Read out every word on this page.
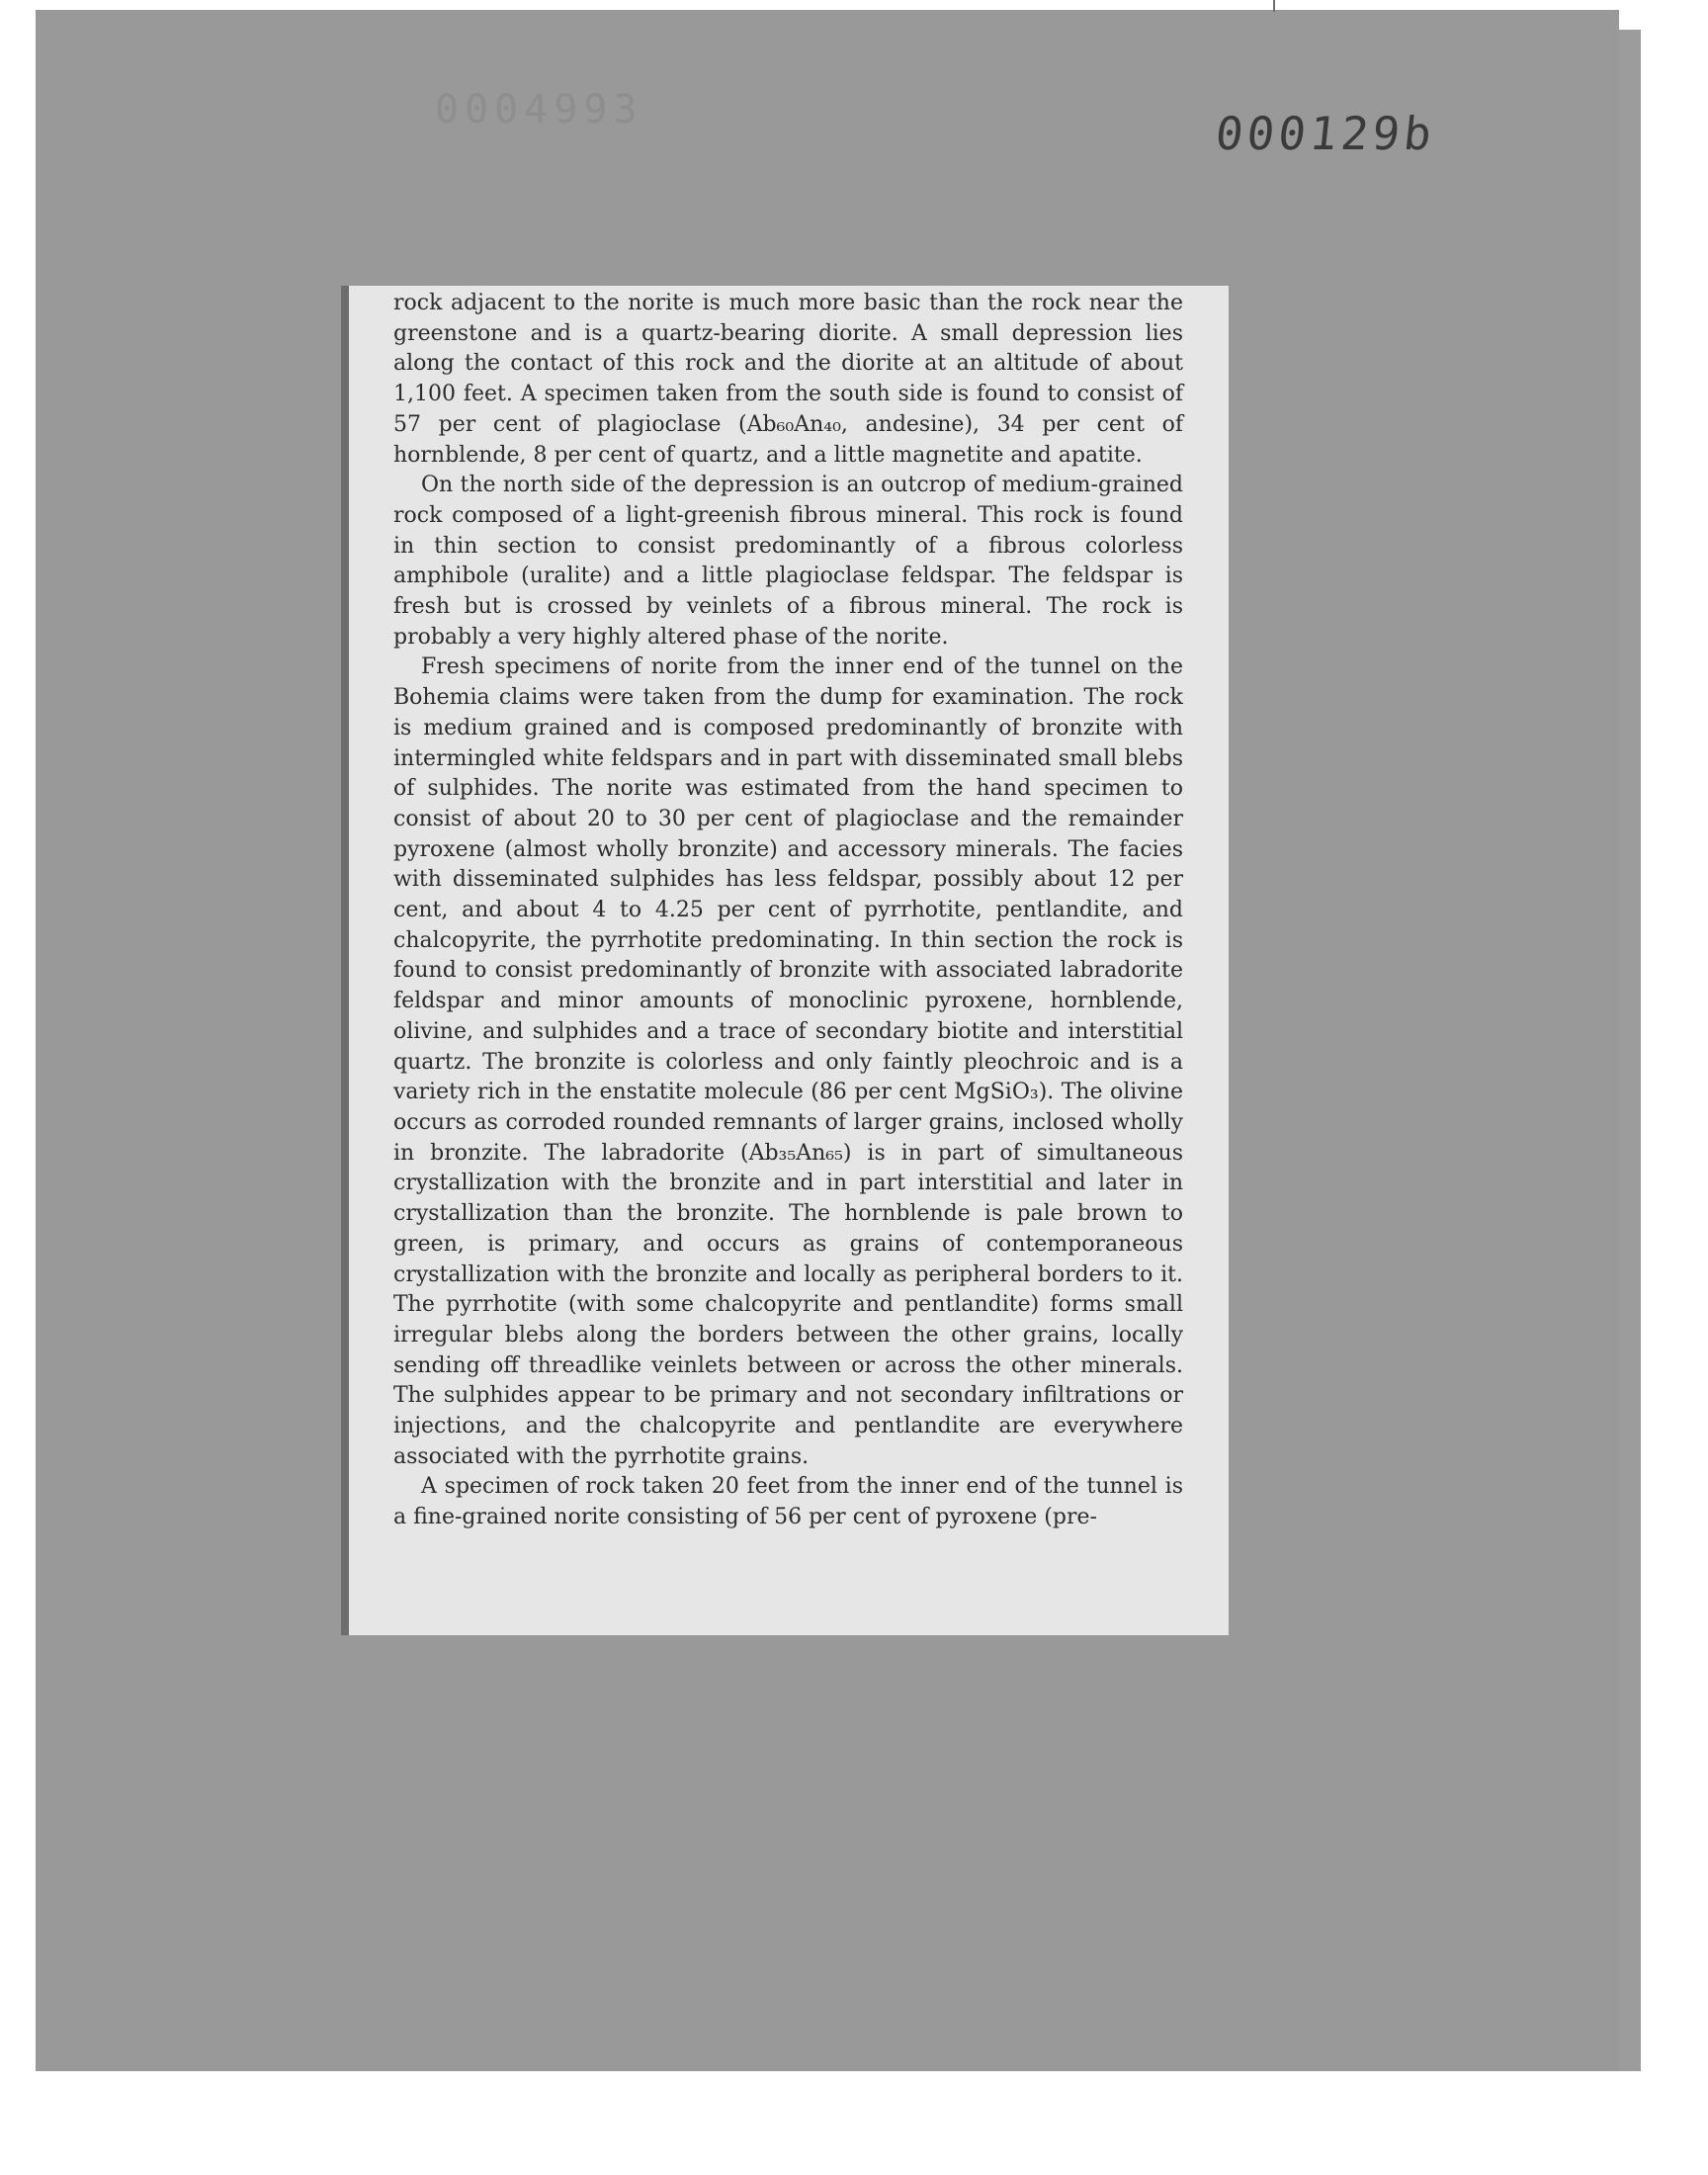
0004993	000129b

rock adjacent to the norite is much more basic than the rock near the greenstone and is a quartz-bearing diorite. A small depression lies along the contact of this rock and the diorite at an altitude of about 1,100 feet. A specimen taken from the south side is found to consist of 57 per cent of plagioclase (Ab₆₀An₄₀, andesine), 34 per cent of hornblende, 8 per cent of quartz, and a little magnetite and apatite.

On the north side of the depression is an outcrop of medium-grained rock composed of a light-greenish fibrous mineral. This rock is found in thin section to consist predominantly of a fibrous colorless amphibole (uralite) and a little plagioclase feldspar. The feldspar is fresh but is crossed by veinlets of a fibrous mineral. The rock is probably a very highly altered phase of the norite.

Fresh specimens of norite from the inner end of the tunnel on the Bohemia claims were taken from the dump for examination. The rock is medium grained and is composed predominantly of bronzite with intermingled white feldspars and in part with disseminated small blebs of sulphides. The norite was estimated from the hand specimen to consist of about 20 to 30 per cent of plagioclase and the remainder pyroxene (almost wholly bronzite) and accessory minerals. The facies with disseminated sulphides has less feldspar, possibly about 12 per cent, and about 4 to 4.25 per cent of pyrrhotite, pentlandite, and chalcopyrite, the pyrrhotite predominating. In thin section the rock is found to consist predominantly of bronzite with associated labradorite feldspar and minor amounts of monoclinic pyroxene, hornblende, olivine, and sulphides and a trace of secondary biotite and interstitial quartz. The bronzite is colorless and only faintly pleochroic and is a variety rich in the enstatite molecule (86 per cent MgSiO₃). The olivine occurs as corroded rounded remnants of larger grains, inclosed wholly in bronzite. The labradorite (Ab₃₅An₆₅) is in part of simultaneous crystallization with the bronzite and in part interstitial and later in crystallization than the bronzite. The hornblende is pale brown to green, is primary, and occurs as grains of contemporaneous crystallization with the bronzite and locally as peripheral borders to it. The pyrrhotite (with some chalcopyrite and pentlandite) forms small irregular blebs along the borders between the other grains, locally sending off threadlike veinlets between or across the other minerals. The sulphides appear to be primary and not secondary infiltrations or injections, and the chalcopyrite and pentlandite are everywhere associated with the pyrrhotite grains.

A specimen of rock taken 20 feet from the inner end of the tunnel is a fine-grained norite consisting of 56 per cent of pyroxene (pre-
